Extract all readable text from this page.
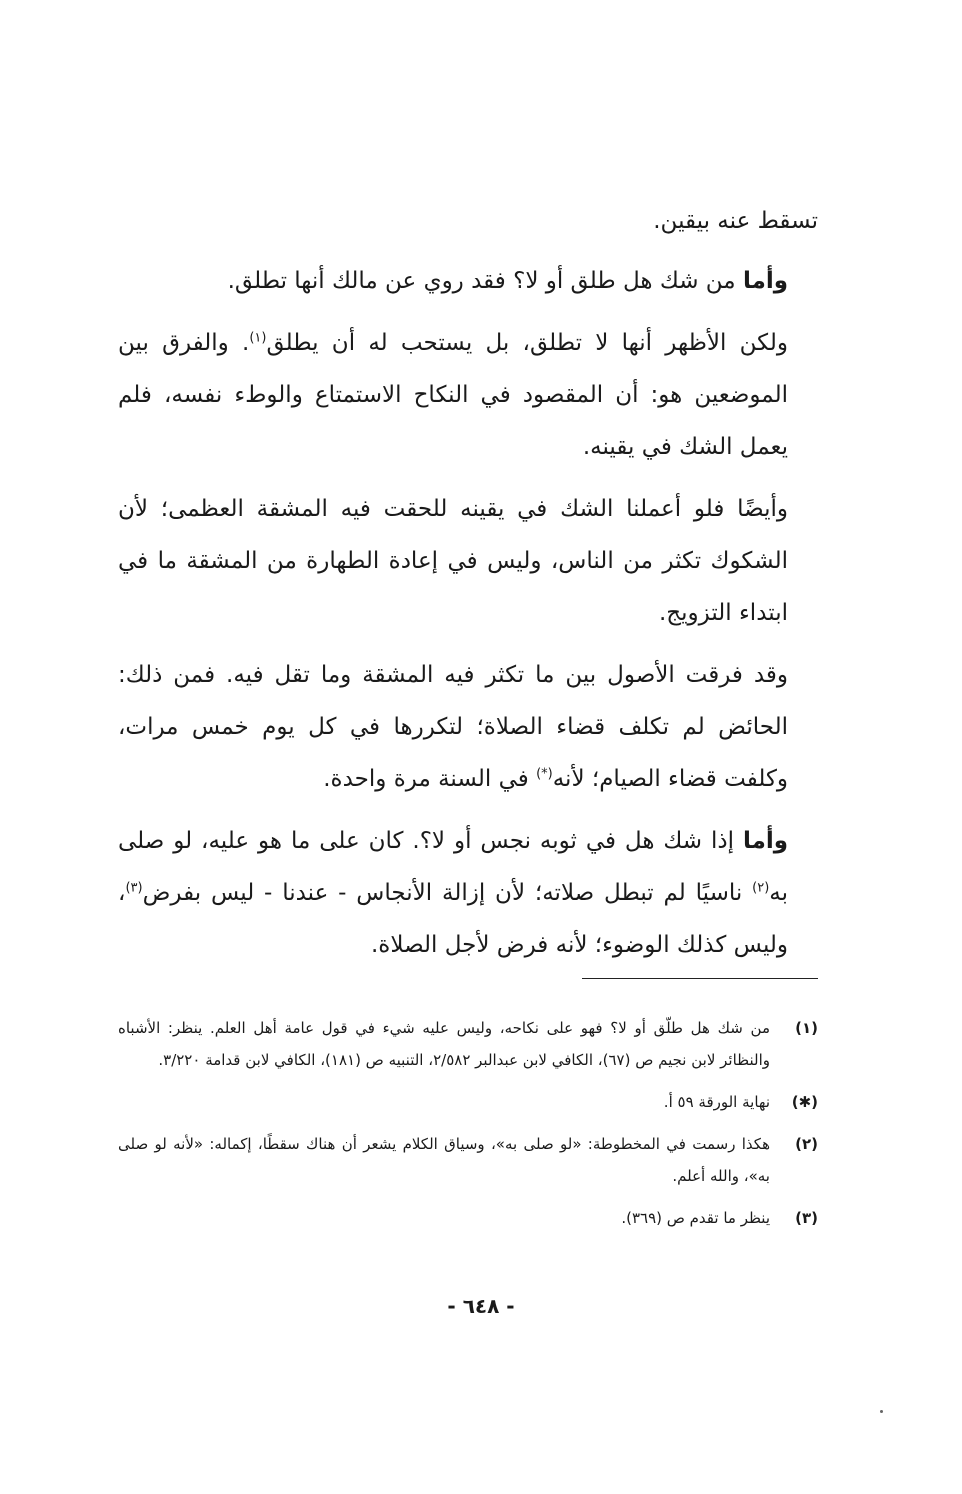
تسقط عنه بيقين.

وأما من شك هل طلق أو لا؟ فقد روي عن مالك أنها تطلق.

ولكن الأظهر أنها لا تطلق، بل يستحب له أن يطلق$^{(١)}$. والفرق بين الموضعين هو: أن المقصود في النكاح الاستمتاع والوطء نفسه، فلم يعمل الشك في يقينه.

وأيضًا فلو أعملنا الشك في يقينه للحقت فيه المشقة العظمى؛ لأن الشكوك تكثر من الناس، وليس في إعادة الطهارة من المشقة ما في ابتداء التزويج.

وقد فرقت الأصول بين ما تكثر فيه المشقة وما تقل فيه. فمن ذلك: الحائض لم تكلف قضاء الصلاة؛ لتكررها في كل يوم خمس مرات، وكلفت قضاء الصيام؛ لأنه(*) في السنة مرة واحدة.

وأما إذا شك هل في ثوبه نجس أو لا؟. كان على ما هو عليه، لو صلى به$^{(٢)}$ ناسيًا لم تبطل صلاته؛ لأن إزالة الأنجاس - عندنا - ليس بفرض$^{(٣)}$، وليس كذلك الوضوء؛ لأنه فرض لأجل الصلاة.

(١)
من شك هل طلّق أو لا؟ فهو على نكاحه، وليس عليه شيء في قول عامة أهل العلم. ينظر: الأشباه والنظائر لابن نجيم ص (٦٧)، الكافي لابن عبدالبر ٢/٥٨٢، التنبيه ص (١٨١)، الكافي لابن قدامة ٣/٢٢٠.
(✱)
نهاية الورقة ٥٩ أ.
(٢)
هكذا رسمت في المخطوطة: «لو صلى به»، وسياق الكلام يشعر أن هناك سقطًا، إكماله: «لأنه لو صلى به»، والله أعلم.
(٣)
ينظر ما تقدم ص (٣٦٩).
- ٦٤٨ -
